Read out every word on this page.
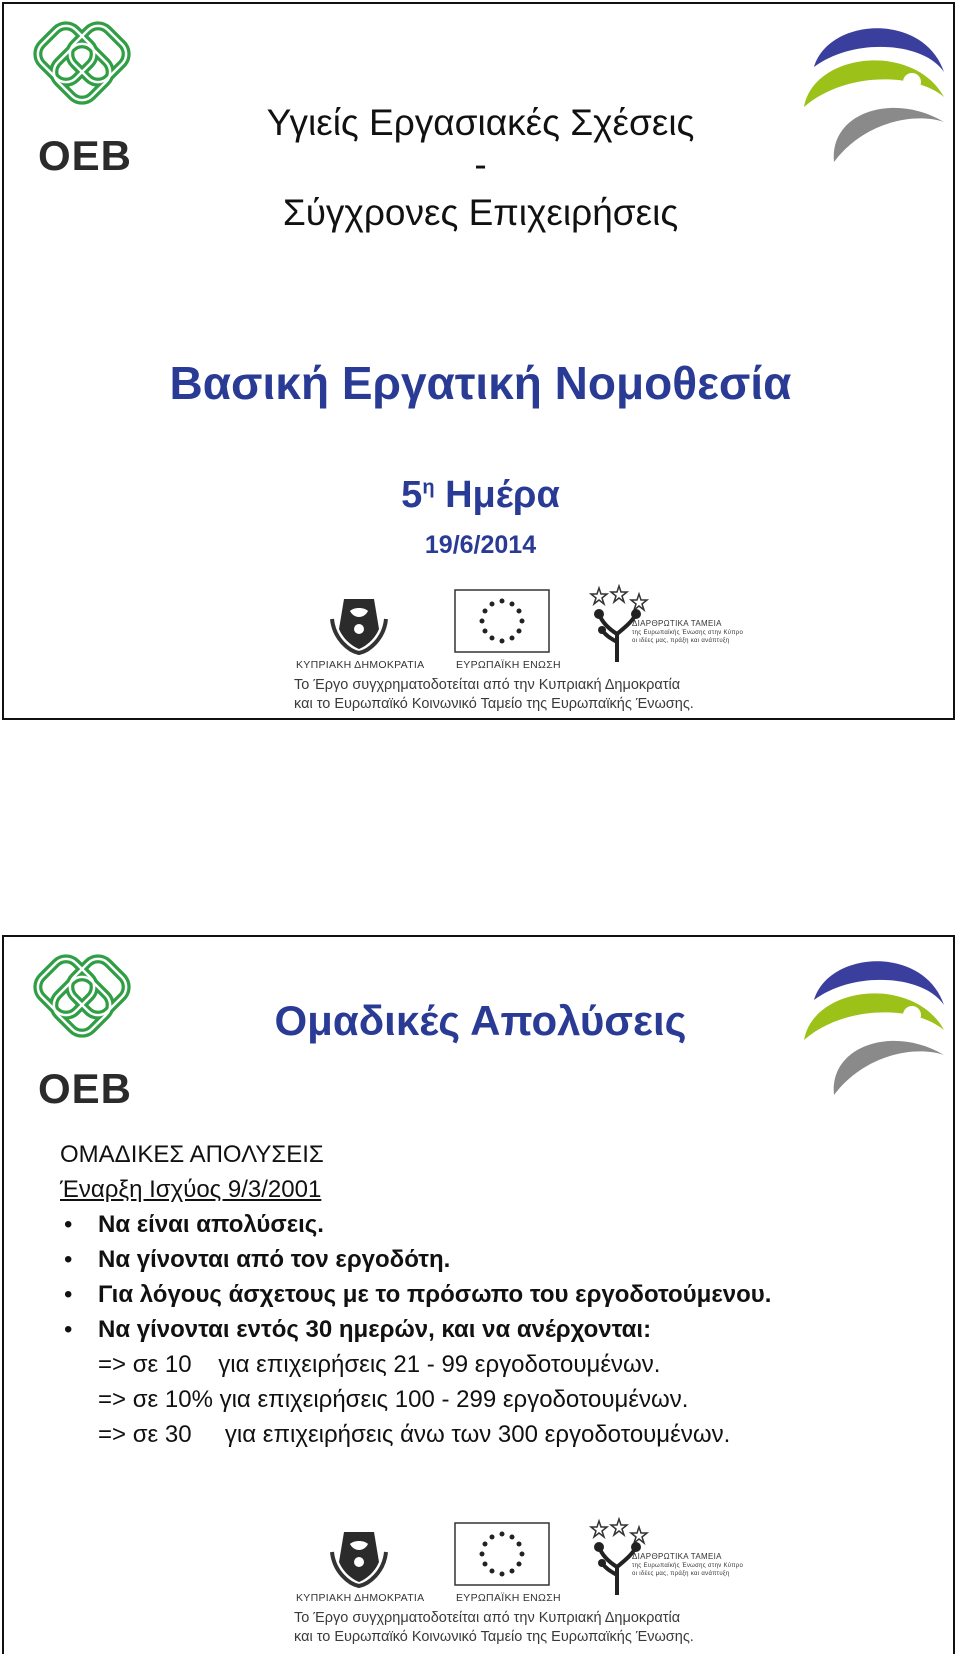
OEB
Υγιείς Εργασιακές Σχέσεις
-
Σύγχρονες Επιχειρήσεις
Βασική Εργατική Νομοθεσία
$5^\eta$ Ημέρα
19/6/2014
ΚΥΠΡΙΑΚΗ ΔΗΜΟΚΡΑΤΙΑ	ΕΥΡΩΠΑΪΚΗ ΕΝΩΣΗ
ΔΙΑΡΘΡΩΤΙΚΑ ΤΑΜΕΙΑ
της Ευρωπαϊκής Ένωσης στην Κύπρο
οι ιδέες μας, πράξη και ανάπτυξη
Το Έργο συγχρηματοδοτείται από την Κυπριακή Δημοκρατία
και το Ευρωπαϊκό Κοινωνικό Ταμείο της Ευρωπαϊκής Ένωσης.
OEB
Ομαδικές Απολύσεις
ΟΜΑΔΙΚΕΣ ΑΠΟΛΥΣΕΙΣ
Έναρξη Ισχύος 9/3/2001
• Να είναι απολύσεις.
• Να γίνονται από τον εργοδότη.
• Για λόγους άσχετους με το πρόσωπο του εργοδοτούμενου.
• Να γίνονται εντός 30 ημερών, και να ανέρχονται:
=> σε 10    για επιχειρήσεις 21 - 99 εργοδοτουμένων.
=> σε 10% για επιχειρήσεις 100 - 299 εργοδοτουμένων.
=> σε 30     για επιχειρήσεις άνω των 300 εργοδοτουμένων.
ΚΥΠΡΙΑΚΗ ΔΗΜΟΚΡΑΤΙΑ	ΕΥΡΩΠΑΪΚΗ ΕΝΩΣΗ
ΔΙΑΡΘΡΩΤΙΚΑ ΤΑΜΕΙΑ
της Ευρωπαϊκής Ένωσης στην Κύπρο
οι ιδέες μας, πράξη και ανάπτυξη
Το Έργο συγχρηματοδοτείται από την Κυπριακή Δημοκρατία
και το Ευρωπαϊκό Κοινωνικό Ταμείο της Ευρωπαϊκής Ένωσης.
